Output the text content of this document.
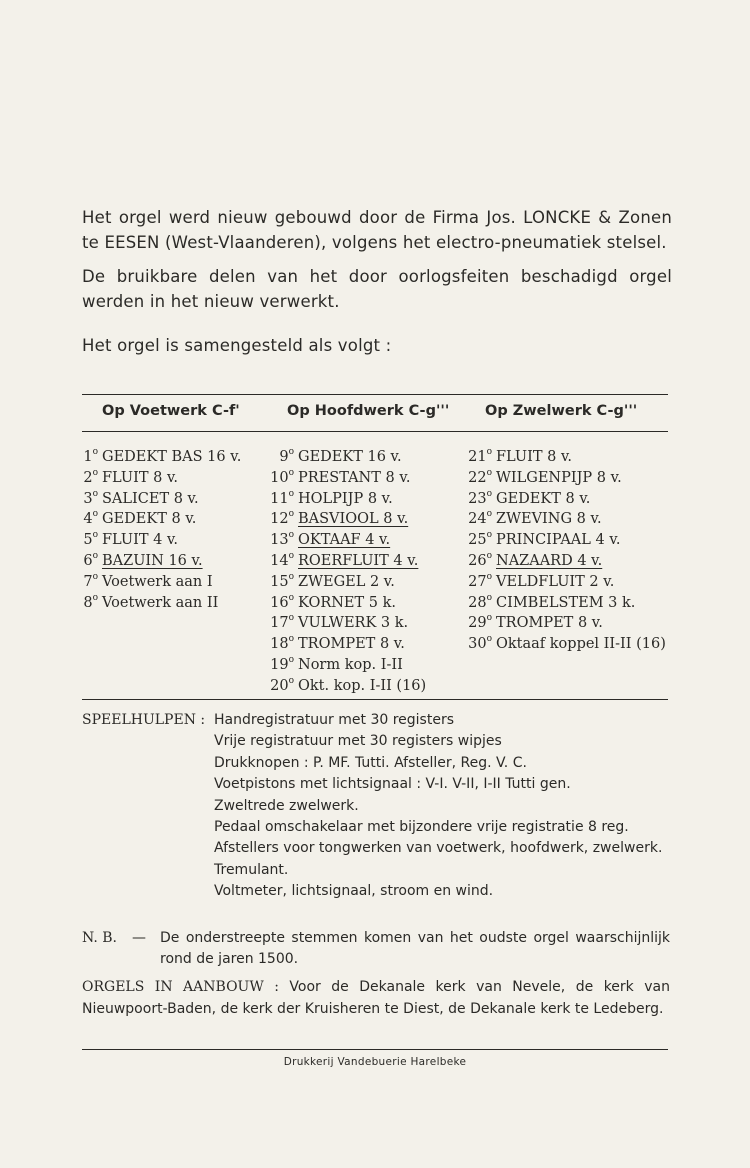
Het orgel werd nieuw gebouwd door de Firma Jos. LONCKE & Zonen te EESEN (West-Vlaanderen), volgens het electro-pneumatiek stelsel.

De bruikbare delen van het door oorlogsfeiten beschadigd orgel werden in het nieuw verwerkt.

Het orgel is samengesteld als volgt :

Op Voetwerk C-f'	Op Hoofdwerk C-g''' Op Zwelwerk C-g'''
1$^o$ GEDEKT BAS 16 v.
2$^o$ FLUIT 8 v.
3$^o$ SALICET 8 v.
4$^o$ GEDEKT 8 v.
5$^o$ FLUIT 4 v.
6$^o$ BAZUIN 16 v.
7$^o$ Voetwerk aan I
8$^o$ Voetwerk aan II
9$^o$ GEDEKT 16 v.
10$^o$ PRESTANT 8 v.
11$^o$ HOLPIJP 8 v.
12$^o$ BASVIOOL 8 v.
13$^o$ OKTAAF 4 v.
14$^o$ ROERFLUIT 4 v.
15$^o$ ZWEGEL 2 v.
16$^o$ KORNET 5 k.
17$^o$ VULWERK 3 k.
18$^o$ TROMPET 8 v.
19$^o$ Norm kop. I-II
20$^o$ Okt. kop. I-II (16)
21$^o$ FLUIT 8 v.
22$^o$ WILGENPIJP 8 v.
23$^o$ GEDEKT 8 v.
24$^o$ ZWEVING 8 v.
25$^o$ PRINCIPAAL 4 v.
26$^o$ NAZAARD 4 v.
27$^o$ VELDFLUIT 2 v.
28$^o$ CIMBELSTEM 3 k.
29$^o$ TROMPET 8 v.
30$^o$ Oktaaf koppel II-II (16)
SPEELHULPEN : Handregistratuur met 30 registers
Vrije registratuur met 30 registers wipjes
Drukknopen : P. MF. Tutti. Afsteller, Reg. V. C.
Voetpistons met lichtsignaal : V-I. V-II, I-II Tutti gen.
Zweltrede zwelwerk.
Pedaal omschakelaar met bijzondere vrije registratie 8 reg.
Afstellers voor tongwerken van voetwerk, hoofdwerk, zwelwerk.
Tremulant.
Voltmeter, lichtsignaal, stroom en wind.
N. B. — De onderstreepte stemmen komen van het oudste orgel waarschijnlijk rond de jaren 1500.
ORGELS IN AANBOUW : Voor de Dekanale kerk van Nevele, de kerk van Nieuwpoort-Baden, de kerk der Kruisheren te Diest, de Dekanale kerk te Ledeberg.
Drukkerij Vandebuerie Harelbeke
